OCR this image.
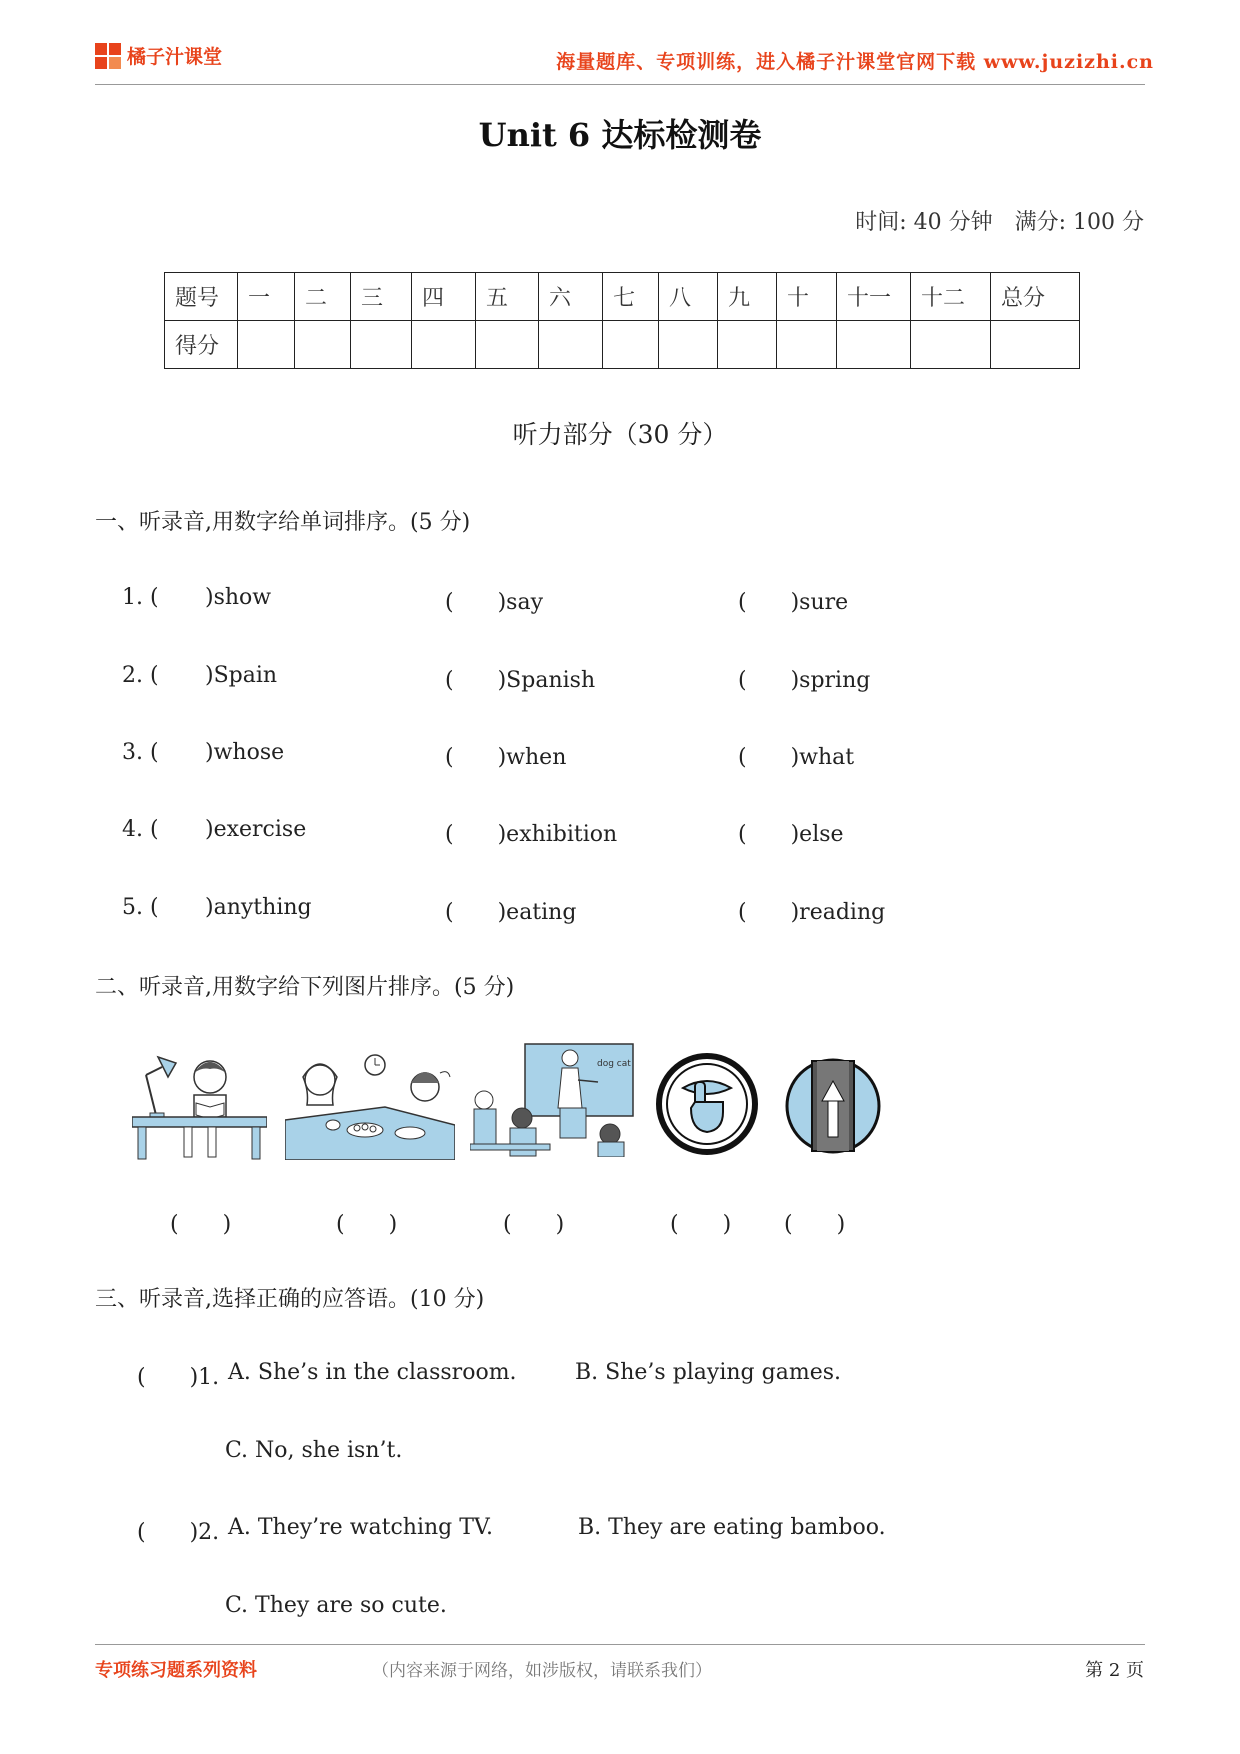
橘子汁课堂	海量题库、专项训练，进入橘子汁课堂官网下载 www.juzizhi.cn
Unit 6 达标检测卷
时间: 40 分钟　满分: 100 分
题号	一	二	三	四	五	六	七	八	九	十	十一	十二	总分
得分													
听力部分（30 分）
一、听录音,用数字给单词排序。(5 分)
1. ( )show	(　　)say	(　　)sure
2. ( )Spain	(　　)Spanish	(　　)spring
3. ( )whose	(　　)when	(　　)what
4. ( )exercise	(　　)exhibition	(　　)else
5. ( )anything	(　　)eating	(　　)reading
二、听录音,用数字给下列图片排序。(5 分)
dog cat
(　　)	(　　)	(　　)	(　　) (　　)
三、听录音,选择正确的应答语。(10 分)
(　　)1. A. She’s in the classroom.	B. She’s playing games.
C. No, she isn’t.
(　　)2. A. They’re watching TV.	B. They are eating bamboo.
C. They are so cute.
专项练习题系列资料	（内容来源于网络，如涉版权，请联系我们）	第 2 页
